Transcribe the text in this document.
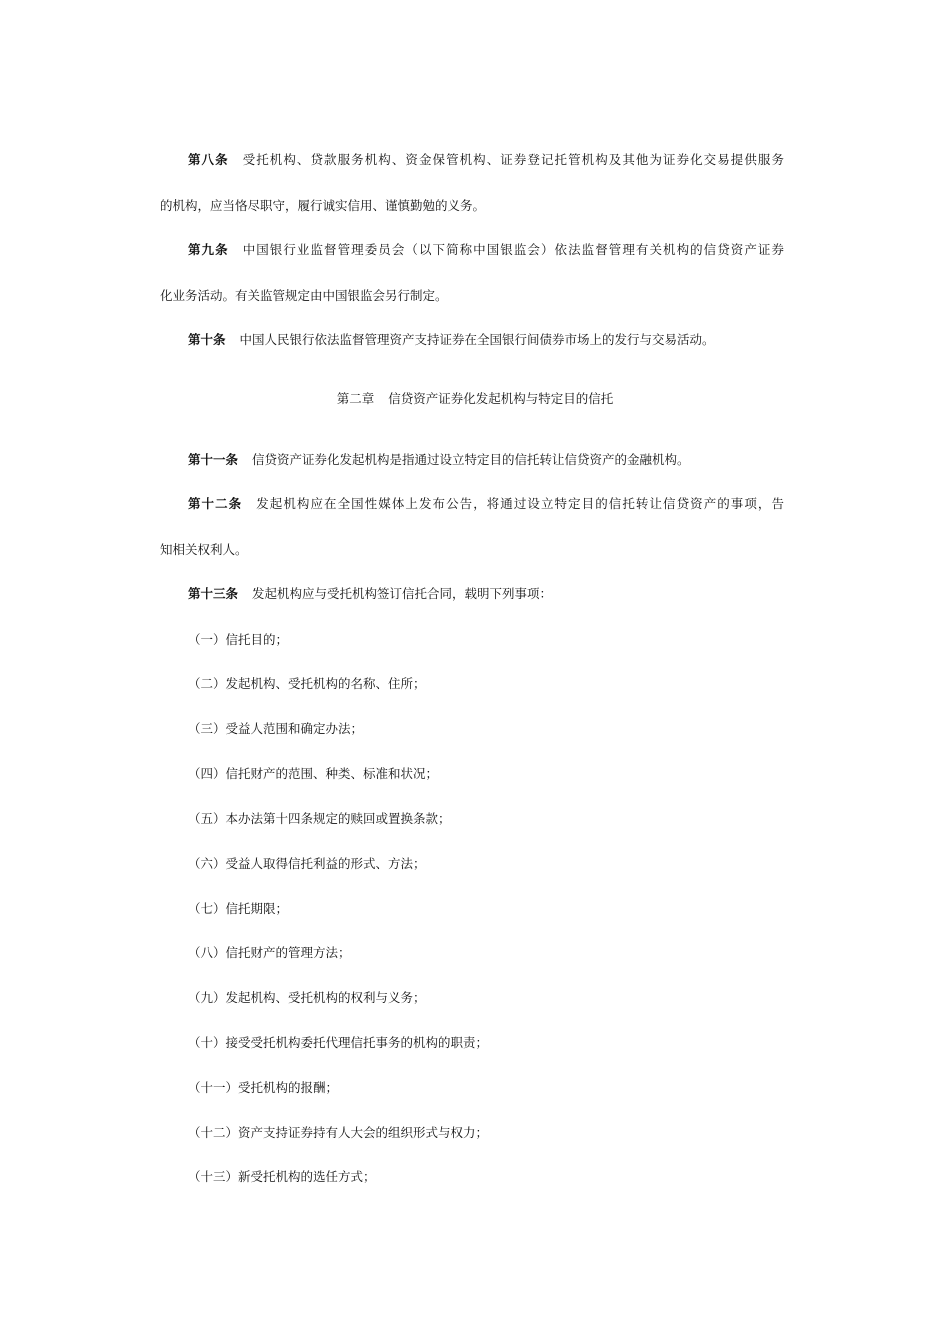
第八条 受托机构、贷款服务机构、资金保管机构、证券登记托管机构及其他为证券化交易提供服务
的机构，应当恪尽职守，履行诚实信用、谨慎勤勉的义务。
第九条 中国银行业监督管理委员会（以下简称中国银监会）依法监督管理有关机构的信贷资产证券
化业务活动。有关监管规定由中国银监会另行制定。
第十条 中国人民银行依法监督管理资产支持证券在全国银行间债券市场上的发行与交易活动。
第二章 信贷资产证券化发起机构与特定目的信托
第十一条 信贷资产证券化发起机构是指通过设立特定目的信托转让信贷资产的金融机构。
第十二条 发起机构应在全国性媒体上发布公告，将通过设立特定目的信托转让信贷资产的事项，告
知相关权利人。
第十三条 发起机构应与受托机构签订信托合同，载明下列事项：
（一）信托目的；
（二）发起机构、受托机构的名称、住所；
（三）受益人范围和确定办法；
（四）信托财产的范围、种类、标准和状况；
（五）本办法第十四条规定的赎回或置换条款；
（六）受益人取得信托利益的形式、方法；
（七）信托期限；
（八）信托财产的管理方法；
（九）发起机构、受托机构的权利与义务；
（十）接受受托机构委托代理信托事务的机构的职责；
（十一）受托机构的报酬；
（十二）资产支持证券持有人大会的组织形式与权力；
（十三）新受托机构的选任方式；
